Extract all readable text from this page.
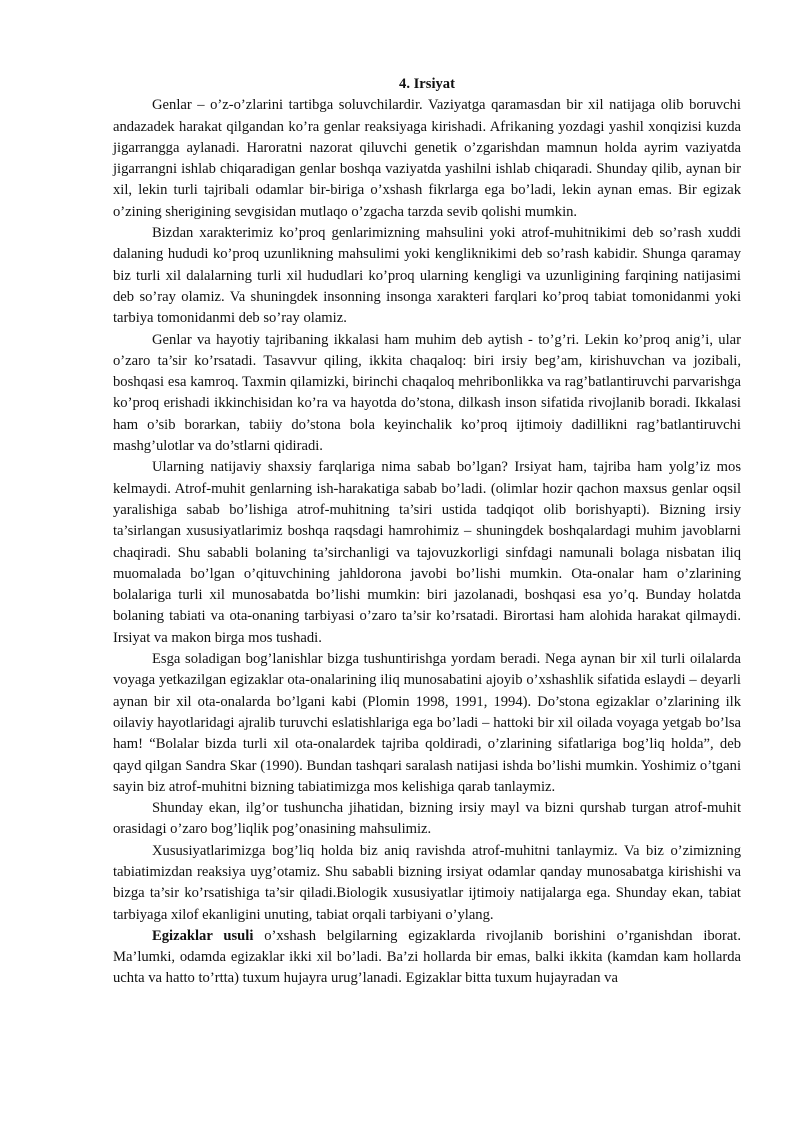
4. Irsiyat

Genlar – o’z-o’zlarini tartibga soluvchilardir. Vaziyatga qaramasdan bir xil natijaga olib boruvchi andazadek harakat qilgandan ko’ra genlar reaksiyaga kirishadi. Afrikaning yozdagi yashil xonqizisi kuzda jigarrangga aylanadi. Haroratni nazorat qiluvchi genetik o’zgarishdan mamnun holda ayrim vaziyatda jigarrangni ishlab chiqaradigan genlar boshqa vaziyatda yashilni ishlab chiqaradi. Shunday qilib, aynan bir xil, lekin turli tajribali odamlar bir-biriga o’xshash fikrlarga ega bo’ladi, lekin aynan emas. Bir egizak o’zining sherigining sevgisidan mutlaqo o’zgacha tarzda sevib qolishi mumkin.

Bizdan xarakterimiz ko’proq genlarimizning mahsulini yoki atrof-muhitnikimi deb so’rash xuddi dalaning hududi ko’proq uzunlikning mahsulimi yoki kengliknikimi deb so’rash kabidir. Shunga qaramay biz turli xil dalalarning turli xil hududlari ko’proq ularning kengligi va uzunligining farqining natijasimi deb so’ray olamiz. Va shuningdek insonning insonga xarakteri farqlari ko’proq tabiat tomonidanmi yoki tarbiya tomonidanmi deb so’ray olamiz.

Genlar va hayotiy tajribaning ikkalasi ham muhim deb aytish - to’g’ri. Lekin ko’proq anig’i, ular o’zaro ta’sir ko’rsatadi. Tasavvur qiling, ikkita chaqaloq: biri irsiy beg’am, kirishuvchan va jozibali, boshqasi esa kamroq. Taxmin qilamizki, birinchi chaqaloq mehribonlikka va rag’batlantiruvchi parvarishga ko’proq erishadi ikkinchisidan ko’ra va hayotda do’stona, dilkash inson sifatida rivojlanib boradi. Ikkalasi ham o’sib borarkan, tabiiy do’stona bola keyinchalik ko’proq ijtimoiy dadillikni rag’batlantiruvchi mashg’ulotlar va do’stlarni qidiradi.

Ularning natijaviy shaxsiy farqlariga nima sabab bo’lgan? Irsiyat ham, tajriba ham yolg’iz mos kelmaydi. Atrof-muhit genlarning ish-harakatiga sabab bo’ladi. (olimlar hozir qachon maxsus genlar oqsil yaralishiga sabab bo’lishiga atrof-muhitning ta’siri ustida tadqiqot olib borishyapti). Bizning irsiy ta’sirlangan xususiyatlarimiz boshqa raqsdagi hamrohimiz – shuningdek boshqalardagi muhim javoblarni chaqiradi. Shu sababli bolaning ta’sirchanligi va tajovuzkorligi sinfdagi namunali bolaga nisbatan iliq muomalada bo’lgan o’qituvchining jahldorona javobi bo’lishi mumkin. Ota-onalar ham o’zlarining bolalariga turli xil munosabatda bo’lishi mumkin: biri jazolanadi, boshqasi esa yo’q. Bunday holatda bolaning tabiati va ota-onaning tarbiyasi o’zaro ta’sir ko’rsatadi. Birortasi ham alohida harakat qilmaydi. Irsiyat va makon birga mos tushadi.

Esga soladigan bog’lanishlar bizga tushuntirishga yordam beradi. Nega aynan bir xil turli oilalarda voyaga yetkazilgan egizaklar ota-onalarining iliq munosabatini ajoyib o’xshashlik sifatida eslaydi – deyarli aynan bir xil ota-onalarda bo’lgani kabi (Plomin 1998, 1991, 1994). Do’stona egizaklar o’zlarining ilk oilaviy hayotlaridagi ajralib turuvchi eslatishlariga ega bo’ladi – hattoki bir xil oilada voyaga yetgab bo’lsa ham! “Bolalar bizda turli xil ota-onalardek tajriba qoldiradi, o’zlarining sifatlariga bog’liq holda”, deb qayd qilgan Sandra Skar (1990). Bundan tashqari saralash natijasi ishda bo’lishi mumkin. Yoshimiz o’tgani sayin biz atrof-muhitni bizning tabiatimizga mos kelishiga qarab tanlaymiz.

Shunday ekan, ilg’or tushuncha jihatidan, bizning irsiy mayl va bizni qurshab turgan atrof-muhit orasidagi o’zaro bog’liqlik pog’onasining mahsulimiz.

Xususiyatlarimizga bog’liq holda biz aniq ravishda atrof-muhitni tanlaymiz. Va biz o’zimizning tabiatimizdan reaksiya uyg’otamiz. Shu sababli bizning irsiyat odamlar qanday munosabatga kirishishi va bizga ta’sir ko’rsatishiga ta’sir qiladi.Biologik xususiyatlar ijtimoiy natijalarga ega. Shunday ekan, tabiat tarbiyaga xilof ekanligini unuting, tabiat orqali tarbiyani o’ylang.

Egizaklar usuli o’xshash belgilarning egizaklarda rivojlanib borishini o’rganishdan iborat. Ma’lumki, odamda egizaklar ikki xil bo’ladi. Ba’zi hollarda bir emas, balki ikkita (kamdan kam hollarda uchta va hatto to’rtta) tuxum hujayra urug’lanadi. Egizaklar bitta tuxum hujayradan va
